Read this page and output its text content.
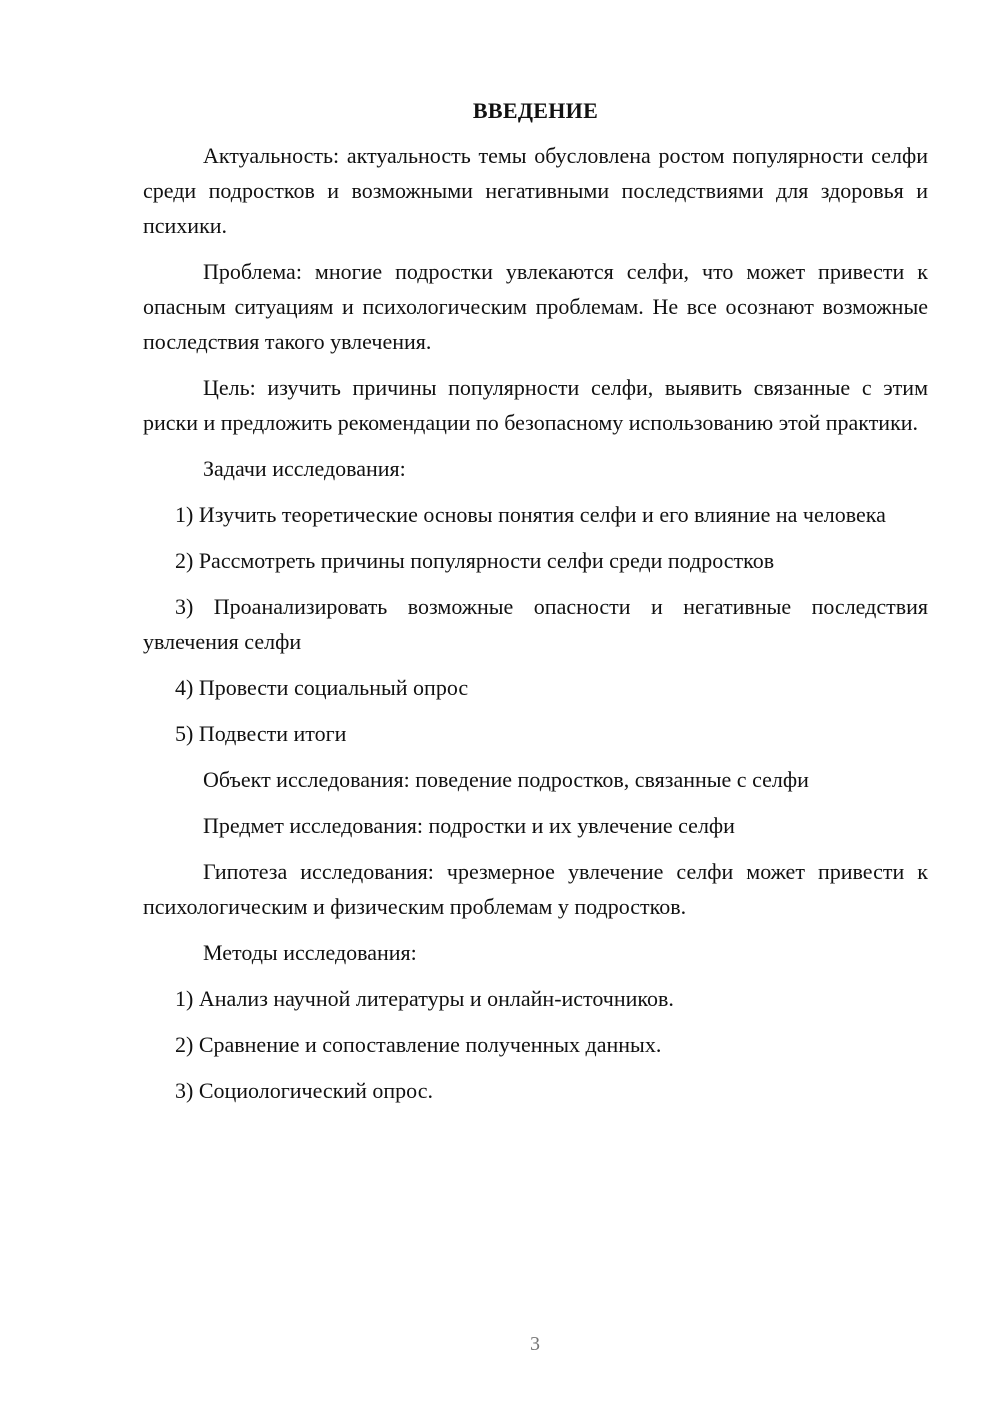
ВВЕДЕНИЕ

Актуальность: актуальность темы обусловлена ростом популярности селфи среди подростков и возможными негативными последствиями для здоровья и психики.

Проблема: многие подростки увлекаются селфи, что может привести к опасным ситуациям и психологическим проблемам. Не все осознают возможные последствия такого увлечения.

Цель: изучить причины популярности селфи, выявить связанные с этим риски и предложить рекомендации по безопасному использованию этой практики.

Задачи исследования:

1) Изучить теоретические основы понятия селфи и его влияние на человека

2) Рассмотреть причины популярности селфи среди подростков

3) Проанализировать возможные опасности и негативные последствия увлечения селфи

4) Провести социальный опрос

5) Подвести итоги

Объект исследования: поведение подростков, связанные с селфи

Предмет исследования: подростки и их увлечение селфи

Гипотеза исследования: чрезмерное увлечение селфи может привести к психологическим и физическим проблемам у подростков.

Методы исследования:

1) Анализ научной литературы и онлайн-источников.

2) Сравнение и сопоставление полученных данных.

3) Социологический опрос.

3
